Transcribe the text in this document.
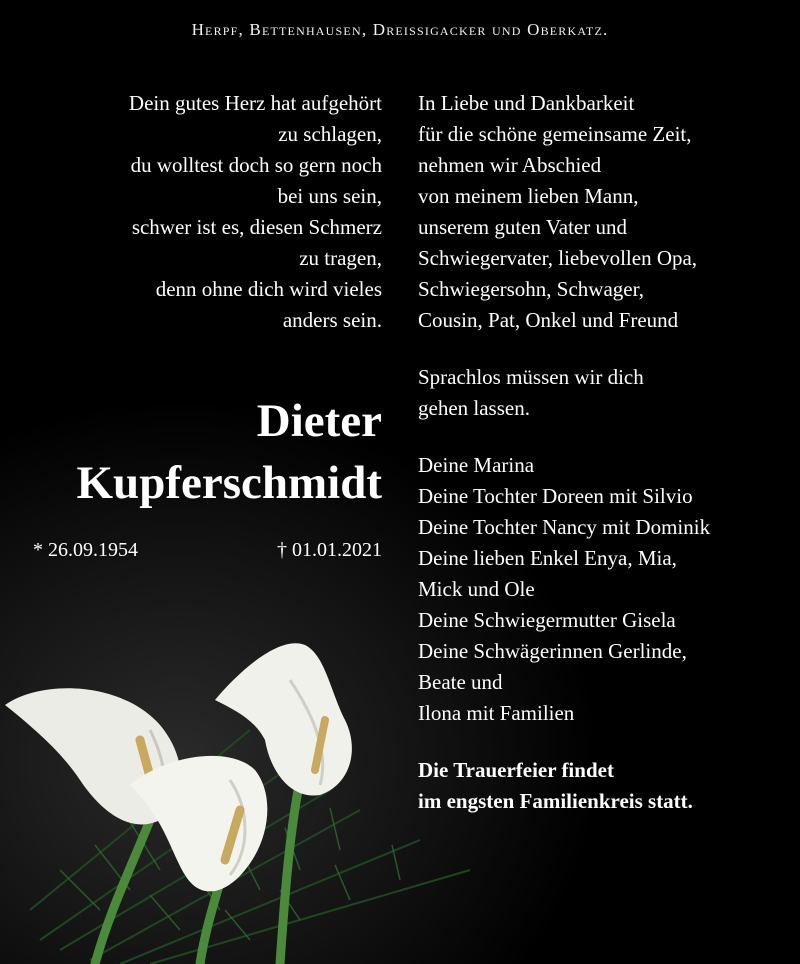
Herpf, Bettenhausen, Dreissigacker und Oberkatz.
Dein gutes Herz hat aufgehört
zu schlagen,
du wolltest doch so gern noch
bei uns sein,
schwer ist es, diesen Schmerz
zu tragen,
denn ohne dich wird vieles
anders sein.
Dieter
Kupferschmidt
* 26.09.1954	† 01.01.2021
In Liebe und Dankbarkeit
für die schöne gemeinsame Zeit,
nehmen wir Abschied
von meinem lieben Mann,
unserem guten Vater und
Schwiegervater, liebevollen Opa,
Schwiegersohn, Schwager,
Cousin, Pat, Onkel und Freund
Sprachlos müssen wir dich
gehen lassen.
Deine Marina
Deine Tochter Doreen mit Silvio
Deine Tochter Nancy mit Dominik
Deine lieben Enkel Enya, Mia,
Mick und Ole
Deine Schwiegermutter Gisela
Deine Schwägerinnen Gerlinde,
Beate und
Ilona mit Familien
Die Trauerfeier findet
im engsten Familienkreis statt.
